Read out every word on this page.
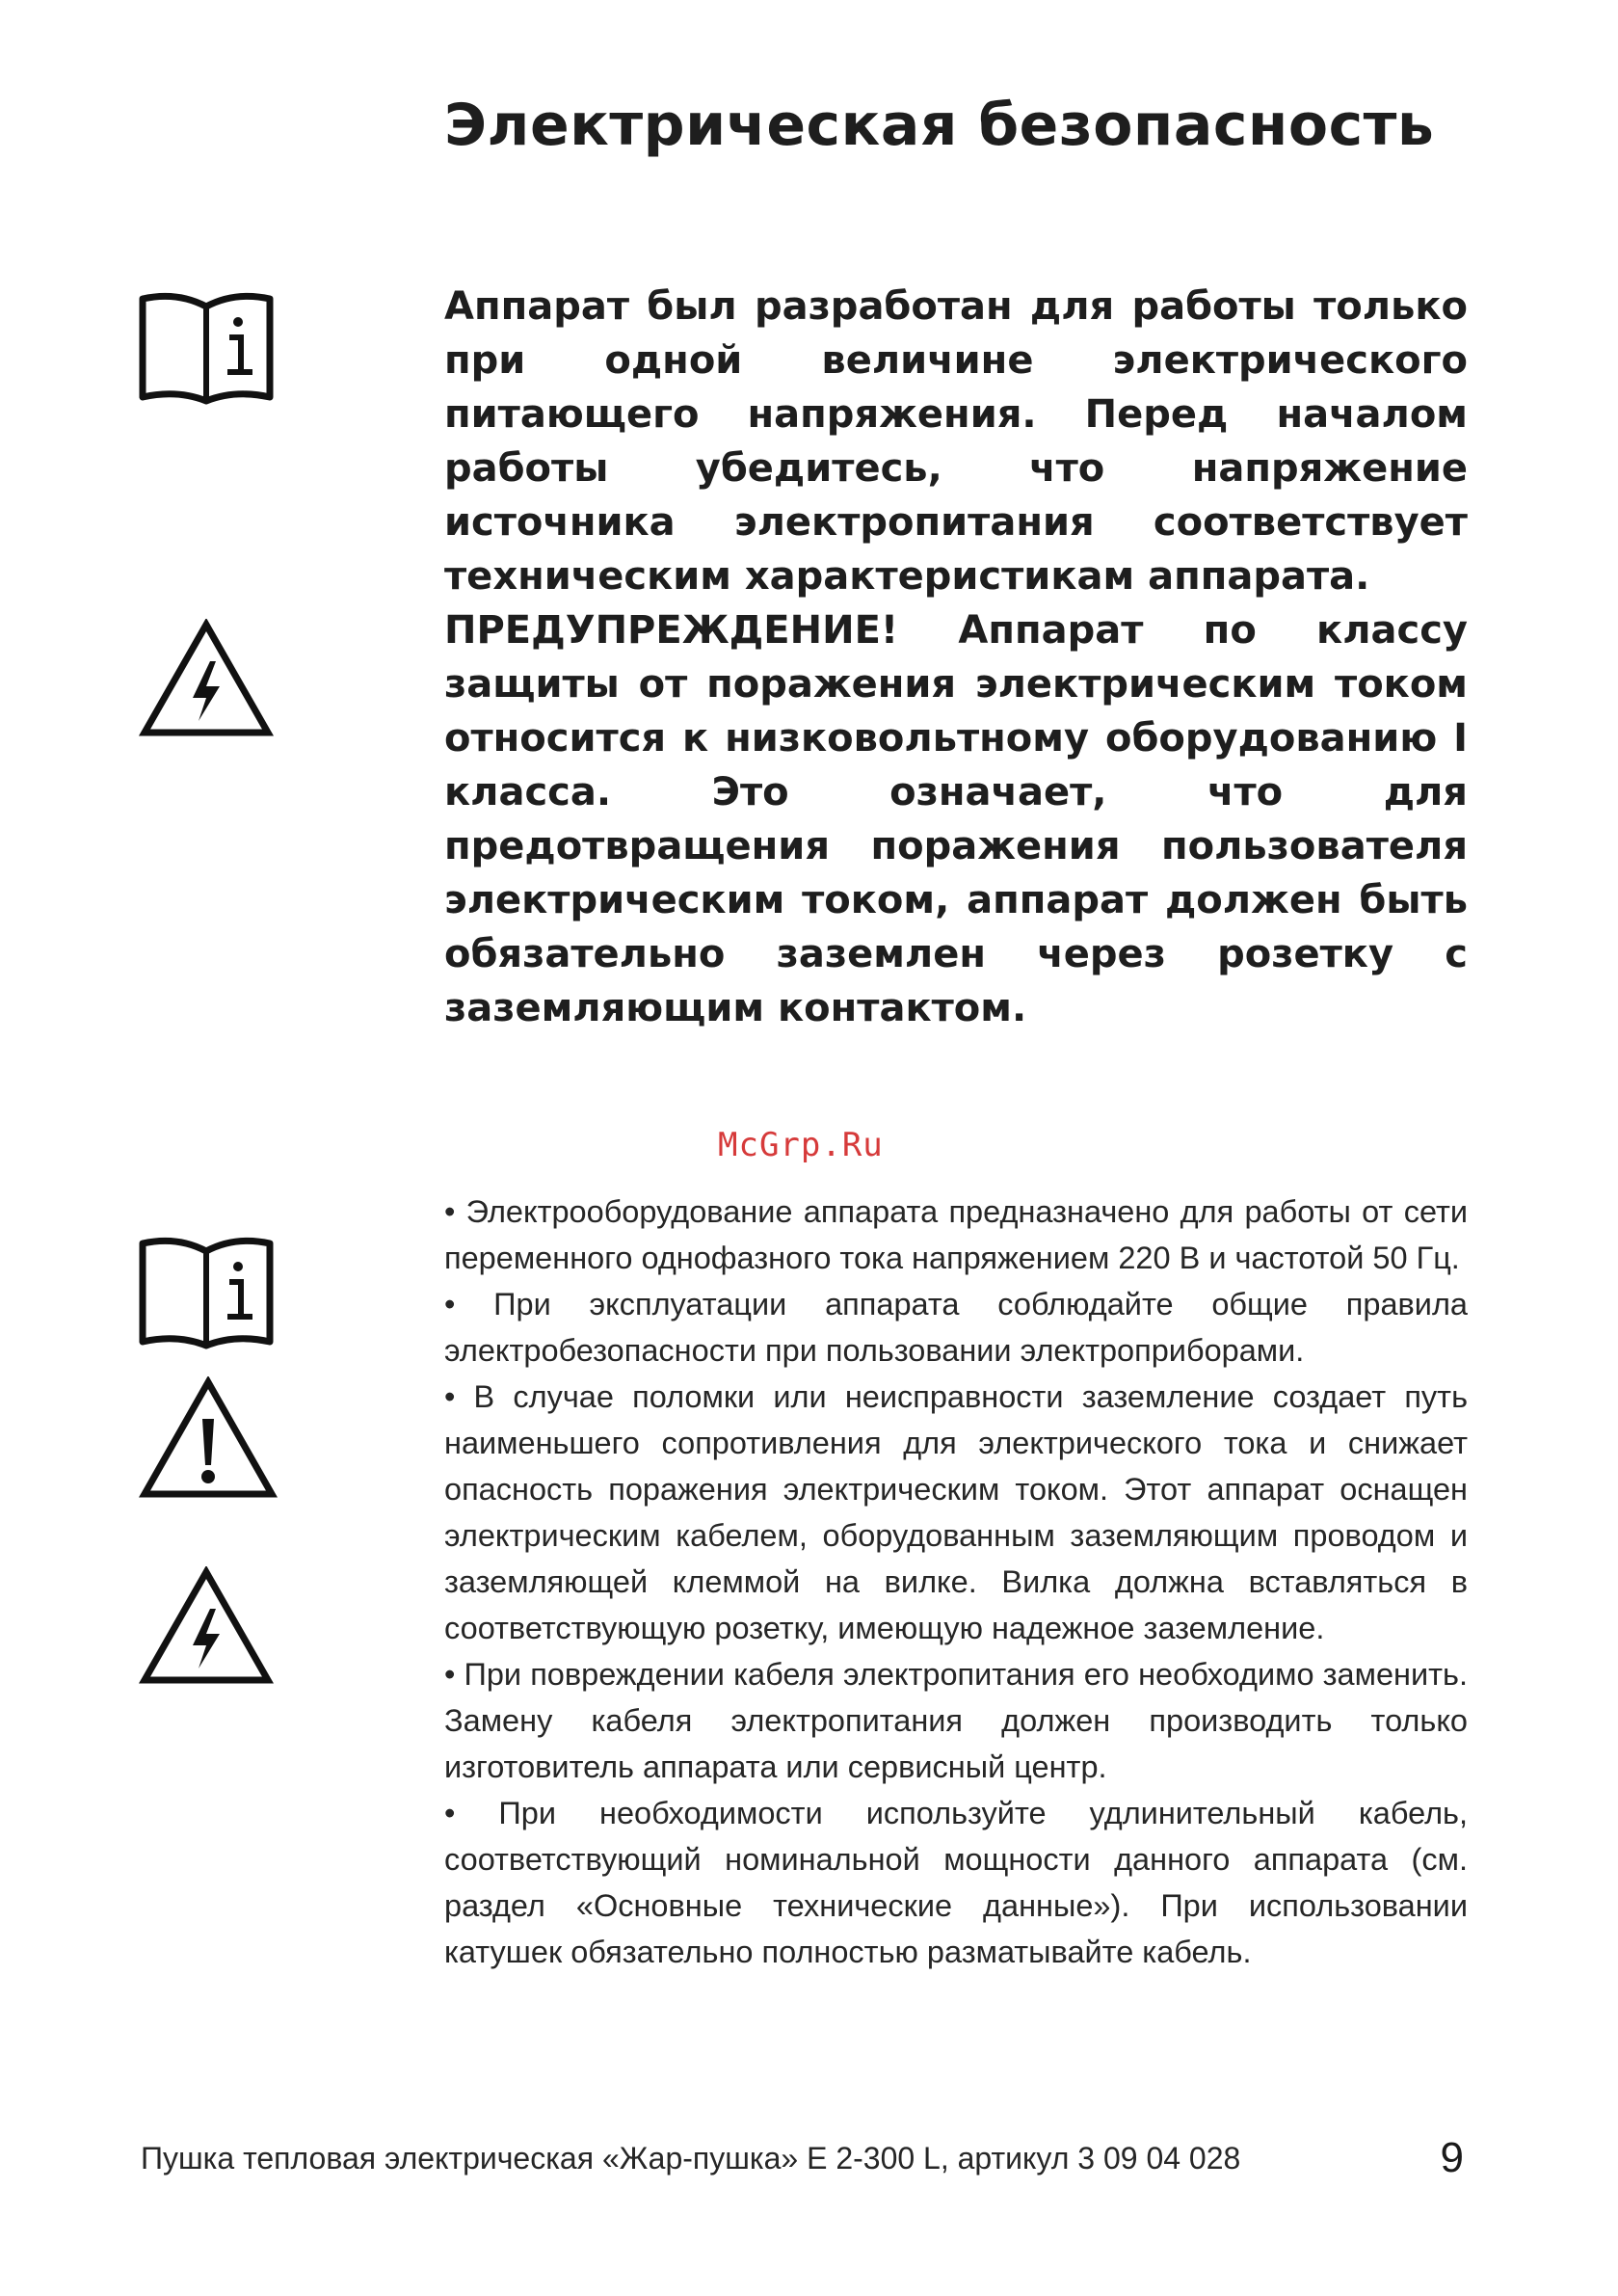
Электрическая безопасность

Аппарат был разработан для работы только при одной величине электрического питающего напряжения. Перед началом работы убедитесь, что напряжение источника электропитания соответствует техническим характеристикам аппарата.

ПРЕДУПРЕЖДЕНИЕ! Аппарат по классу защиты от поражения электрическим током относится к низковольтному оборудованию I класса. Это означает, что для предотвращения поражения пользователя электрическим током, аппарат должен быть обязательно заземлен через розетку с заземляющим контактом.

McGrp.Ru
• Электрооборудование аппарата предназначено для работы от сети переменного однофазного тока напряжением 220 В и частотой 50 Гц.
• При эксплуатации аппарата соблюдайте общие правила электробезопасности при пользовании электроприборами.
• В случае поломки или неисправности заземление создает путь наименьшего сопротивления для электрического тока и снижает опасность поражения электрическим током. Этот аппарат оснащен электрическим кабелем, оборудованным заземляющим проводом и заземляющей клеммой на вилке. Вилка должна вставляться в соответствующую розетку, имеющую надежное заземление.
• При повреждении кабеля электропитания его необходимо заменить. Замену кабеля электропитания должен производить только изготовитель аппарата или сервисный центр.
• При необходимости используйте удлинительный кабель, соответствующий номинальной мощности данного аппарата (см. раздел «Основные технические данные»). При использовании катушек обязательно полностью разматывайте кабель.
Пушка тепловая электрическая «Жар-пушка» Е 2-300 L, артикул 3 09 04 028	9
